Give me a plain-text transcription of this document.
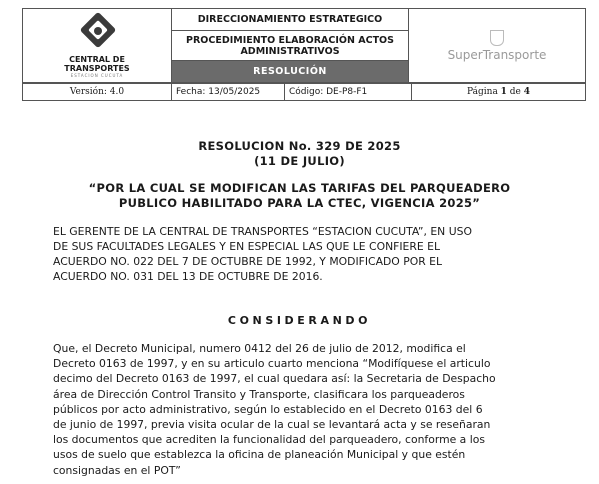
CENTRAL DE
TRANSPORTES
ESTACION CUCUTA
	DIRECCIONAMIENTO ESTRATEGICO	
SuperTransporte
PROCEDIMIENTO ELABORACIÓN ACTOS ADMINISTRATIVOS
RESOLUCIÓN
Versión: 4.0	Fecha: 13/05/2025	Código: DE-P8-F1	Página 1 de 4
RESOLUCION No. 329 DE 2025
(11 DE JULIO)
“POR LA CUAL SE MODIFICAN LAS TARIFAS DEL PARQUEADERO
PUBLICO HABILITADO PARA LA CTEC, VIGENCIA 2025”
EL GERENTE DE LA CENTRAL DE TRANSPORTES “ESTACION CUCUTA”, EN USO
DE SUS FACULTADES LEGALES Y EN ESPECIAL LAS QUE LE CONFIERE EL
ACUERDO NO. 022 DEL 7 DE OCTUBRE DE 1992, Y MODIFICADO POR EL
ACUERDO NO. 031 DEL 13 DE OCTUBRE DE 2016.
CONSIDERANDO
Que, el Decreto Municipal, numero 0412 del 26 de julio de 2012, modifica el
Decreto 0163 de 1997, y en su articulo cuarto menciona “Modifíquese el articulo
decimo del Decreto 0163 de 1997, el cual quedara así: la Secretaria de Despacho
área de Dirección Control Transito y Transporte, clasificara los parqueaderos
públicos por acto administrativo, según lo establecido en el Decreto 0163 del 6
de junio de 1997, previa visita ocular de la cual se levantará acta y se reseñaran
los documentos que acrediten la funcionalidad del parqueadero, conforme a los
usos de suelo que establezca la oficina de planeación Municipal y que estén
consignadas en el POT”
